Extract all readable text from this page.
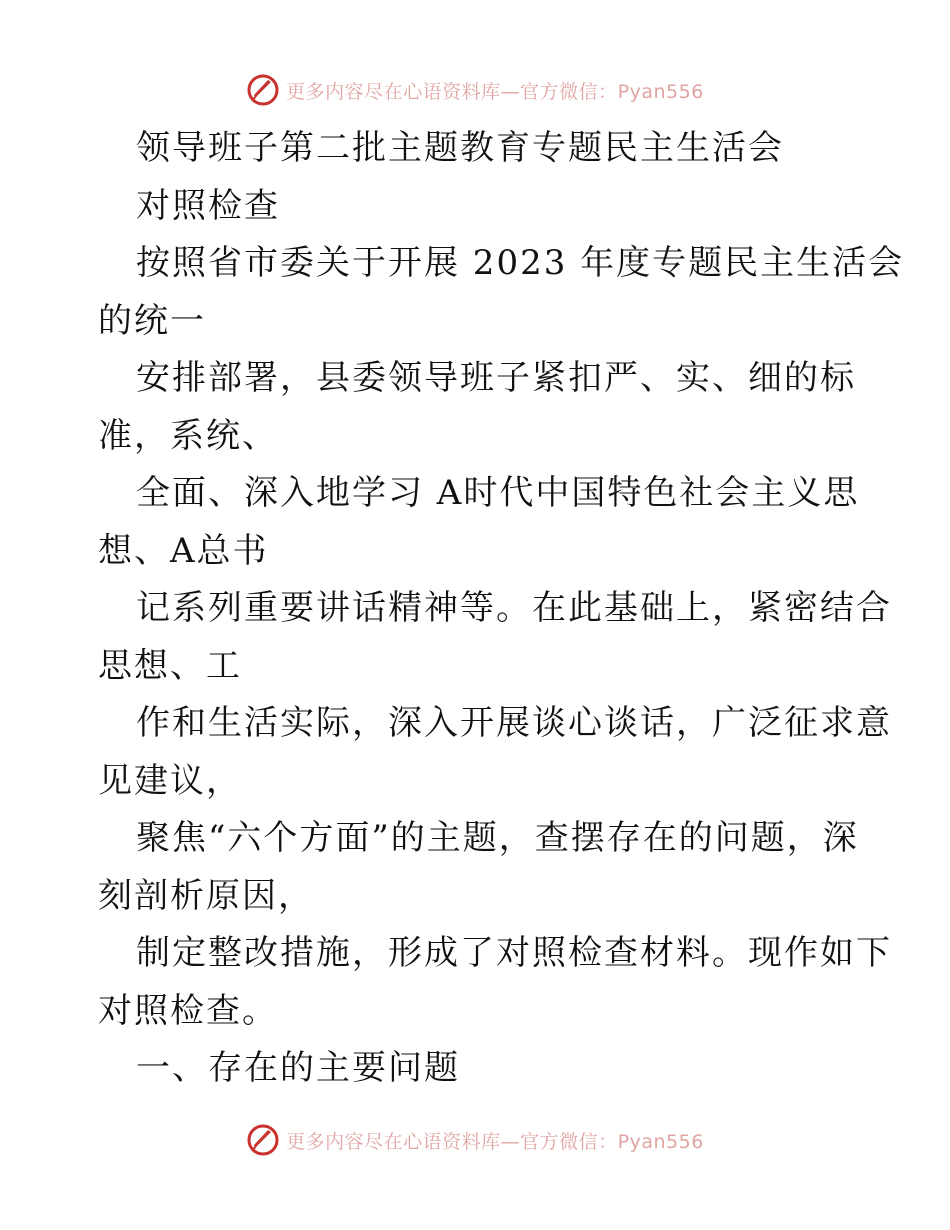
更多内容尽在心语资料库—官方微信：Pyan556
领导班子第二批主题教育专题民主生活会
对照检查
按照省市委关于开展 2023 年度专题民主生活会
的统一
安排部署，县委领导班子紧扣严、实、细的标
准，系统、
全面、深入地学习 A时代中国特色社会主义思
想、A总书
记系列重要讲话精神等。在此基础上，紧密结合
思想、工
作和生活实际，深入开展谈心谈话，广泛征求意
见建议，
聚焦“六个方面”的主题，查摆存在的问题，深
刻剖析原因，
制定整改措施，形成了对照检查材料。现作如下
对照检查。
一、存在的主要问题
更多内容尽在心语资料库—官方微信：Pyan556
